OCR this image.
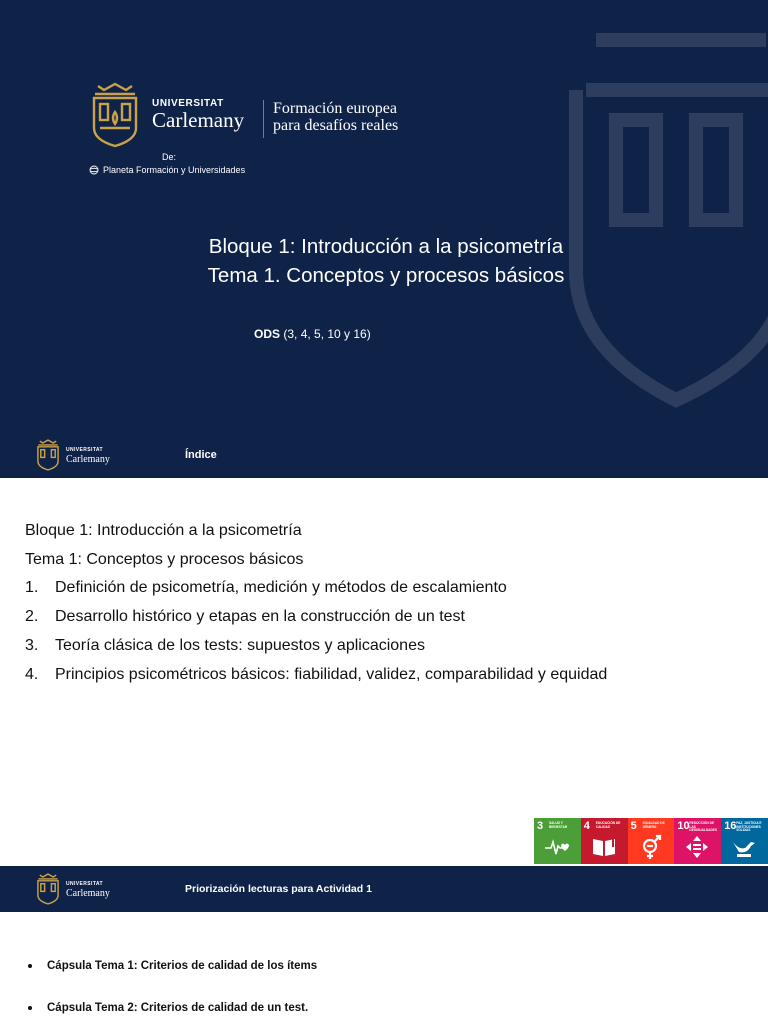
UNIVERSITAT
Carlemany Formación europea
para desafíos reales
De:
Planeta Formación y Universidades
Bloque 1: Introducción a la psicometría
Tema 1. Conceptos y procesos básicos
ODS (3, 4, 5, 10 y 16)
UNIVERSITAT
Carlemany	Índice
Bloque 1: Introducción a la psicometría
Tema 1: Conceptos y procesos básicos
1.	Definición de psicometría, medición y métodos de escalamiento
2.	Desarrollo histórico y etapas en la construcción de un test
3.	Teoría clásica de los tests: supuestos y aplicaciones
4.	Principios psicométricos básicos: fiabilidad, validez, comparabilidad y equidad
3 SALUD Y BIENESTAR	4 EDUCACIÓN DE CALIDAD	5 IGUALDAD DE GÉNERO	10 REDUCCIÓN DE LAS DESIGUALDADES 16 PAZ, JUSTICIA E INSTITUCIONES SÓLIDAS
UNIVERSITAT
Carlemany	Priorización lecturas para Actividad 1
Cápsula Tema 1: Criterios de calidad de los ítems
Cápsula Tema 2: Criterios de calidad de un test.
